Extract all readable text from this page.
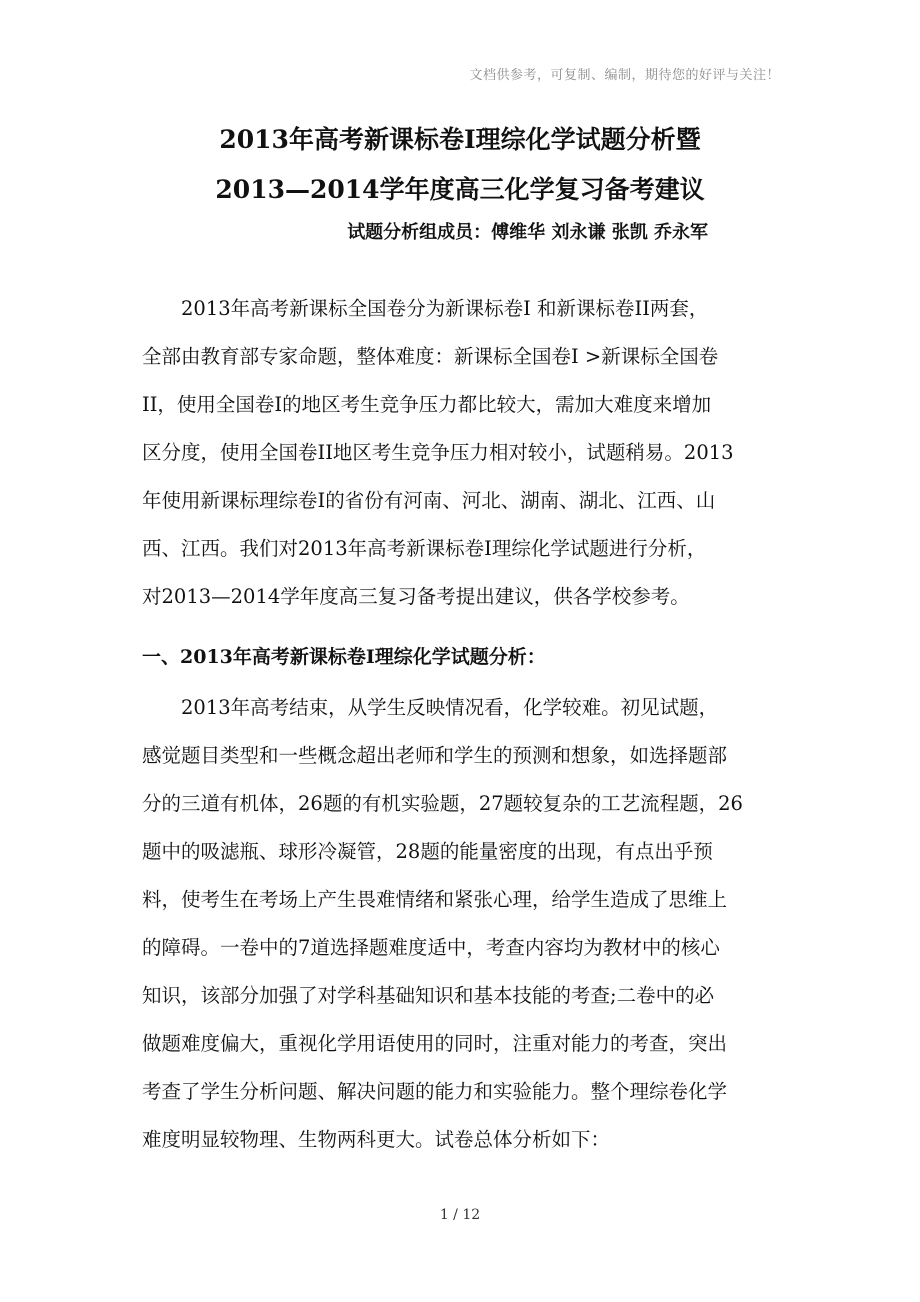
文档供参考，可复制、编制，期待您的好评与关注！
2013年高考新课标卷Ⅰ理综化学试题分析暨
2013—2014学年度高三化学复习备考建议
试题分析组成员：傅维华 刘永谦 张凯 乔永军
2013年高考新课标全国卷分为新课标卷Ⅰ 和新课标卷II两套，
全部由教育部专家命题，整体难度：新课标全国卷Ⅰ >新课标全国卷
II，使用全国卷I的地区考生竞争压力都比较大，需加大难度来增加
区分度，使用全国卷II地区考生竞争压力相对较小，试题稍易。2013
年使用新课标理综卷Ⅰ的省份有河南、河北、湖南、湖北、江西、山
西、江西。我们对2013年高考新课标卷Ⅰ理综化学试题进行分析，
对2013—2014学年度高三复习备考提出建议，供各学校参考。
一、2013年高考新课标卷I理综化学试题分析：
2013年高考结束，从学生反映情况看，化学较难。初见试题，
感觉题目类型和一些概念超出老师和学生的预测和想象，如选择题部
分的三道有机体，26题的有机实验题，27题较复杂的工艺流程题，26
题中的吸滤瓶、球形冷凝管，28题的能量密度的出现，有点出乎预
料，使考生在考场上产生畏难情绪和紧张心理，给学生造成了思维上
的障碍。一卷中的7道选择题难度适中，考查内容均为教材中的核心
知识，该部分加强了对学科基础知识和基本技能的考查;二卷中的必
做题难度偏大，重视化学用语使用的同时，注重对能力的考查，突出
考查了学生分析问题、解决问题的能力和实验能力。整个理综卷化学
难度明显较物理、生物两科更大。试卷总体分析如下：
1 / 12
